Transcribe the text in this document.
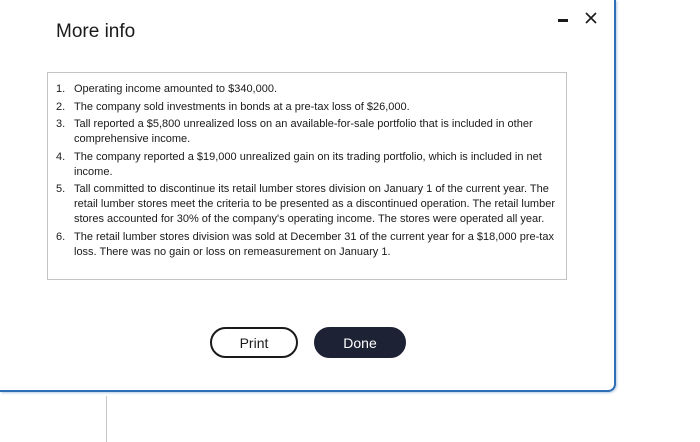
More info
1. Operating income amounted to $340,000.
2. The company sold investments in bonds at a pre-tax loss of $26,000.
3. Tall reported a $5,800 unrealized loss on an available-for-sale portfolio that is included in other comprehensive income.
4. The company reported a $19,000 unrealized gain on its trading portfolio, which is included in net income.
5. Tall committed to discontinue its retail lumber stores division on January 1 of the current year. The retail lumber stores meet the criteria to be presented as a discontinued operation. The retail lumber stores accounted for 30% of the company's operating income. The stores were operated all year.
6. The retail lumber stores division was sold at December 31 of the current year for a $18,000 pre-tax loss. There was no gain or loss on remeasurement on January 1.
Print	Done
